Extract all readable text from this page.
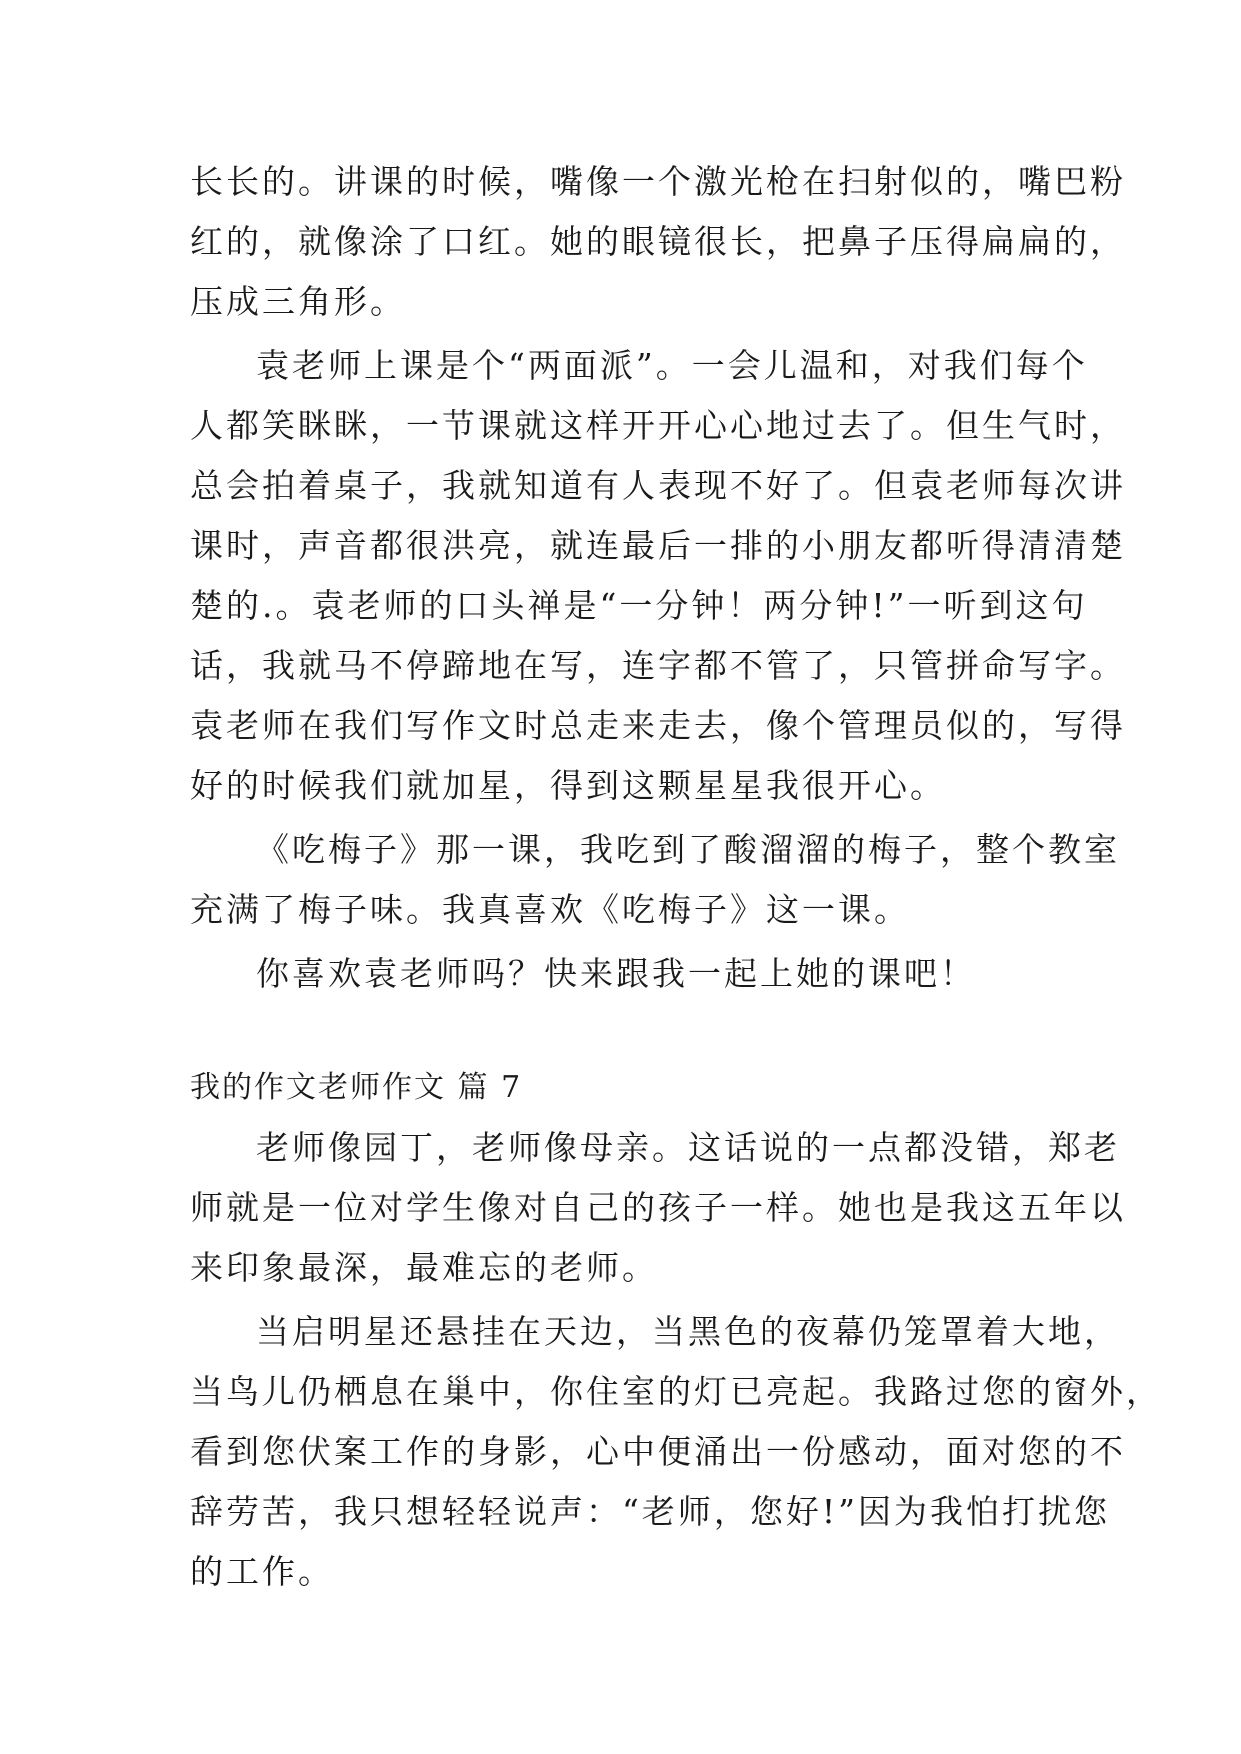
长长的。讲课的时候，嘴像一个激光枪在扫射似的，嘴巴粉
红的，就像涂了口红。她的眼镜很长，把鼻子压得扁扁的，
压成三角形。
袁老师上课是个“两面派”。一会儿温和，对我们每个
人都笑眯眯，一节课就这样开开心心地过去了。但生气时，
总会拍着桌子，我就知道有人表现不好了。但袁老师每次讲
课时，声音都很洪亮，就连最后一排的小朋友都听得清清楚
楚的.。袁老师的口头禅是“一分钟！两分钟!”一听到这句
话，我就马不停蹄地在写，连字都不管了，只管拼命写字。
袁老师在我们写作文时总走来走去，像个管理员似的，写得
好的时候我们就加星，得到这颗星星我很开心。
《吃梅子》那一课，我吃到了酸溜溜的梅子，整个教室
充满了梅子味。我真喜欢《吃梅子》这一课。
你喜欢袁老师吗？快来跟我一起上她的课吧！
我的作文老师作文 篇 7
老师像园丁，老师像母亲。这话说的一点都没错，郑老
师就是一位对学生像对自己的孩子一样。她也是我这五年以
来印象最深，最难忘的老师。
当启明星还悬挂在天边，当黑色的夜幕仍笼罩着大地，
当鸟儿仍栖息在巢中，你住室的灯已亮起。我路过您的窗外，
看到您伏案工作的身影，心中便涌出一份感动，面对您的不
辞劳苦，我只想轻轻说声：“老师，您好!”因为我怕打扰您
的工作。
